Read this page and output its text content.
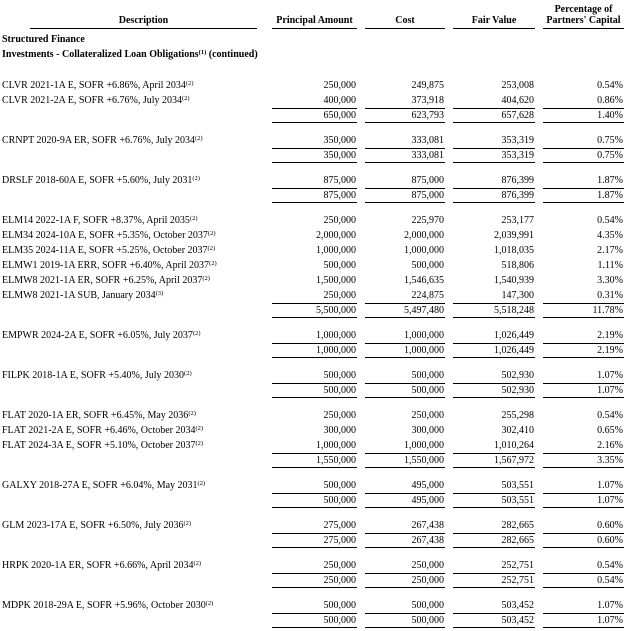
Description	Principal Amount	Cost	Fair Value	Percentage of
Partners' Capital

Structured Finance				
Investments - Collateralized Loan Obligations$^{(1)}$ (continued)				

CLVR 2021-1A E, SOFR +6.86%, April 2034$^{(2)}$	250,000	249,875	253,008	0.54%

CLVR 2021-2A E, SOFR +6.76%, July 2034$^{(2)}$	400,000	373,918	404,620	0.86%

	650,000	623,793	657,628	1.40%

CRNPT 2020-9A ER, SOFR +6.76%, July 2034$^{(2)}$	350,000	333,081	353,319	0.75%

	350,000	333,081	353,319	0.75%

DRSLF 2018-60A E, SOFR +5.60%, July 2031$^{(2)}$	875,000	875,000	876,399	1.87%

	875,000	875,000	876,399	1.87%

ELM14 2022-1A F, SOFR +8.37%, April 2035$^{(2)}$	250,000	225,970	253,177	0.54%

ELM34 2024-10A E, SOFR +5.35%, October 2037$^{(2)}$	2,000,000	2,000,000	2,039,991	4.35%

ELM35 2024-11A E, SOFR +5.25%, October 2037$^{(2)}$	1,000,000	1,000,000	1,018,035	2.17%

ELMW1 2019-1A ERR, SOFR +6.40%, April 2037$^{(2)}$	500,000	500,000	518,806	1.11%

ELMW8 2021-1A ER, SOFR +6.25%, April 2037$^{(2)}$	1,500,000	1,546,635	1,540,939	3.30%

ELMW8 2021-1A SUB, January 2034$^{(3)}$	250,000	224,875	147,300	0.31%

	5,500,000	5,497,480	5,518,248	11.78%

EMPWR 2024-2A E, SOFR +6.05%, July 2037$^{(2)}$	1,000,000	1,000,000	1,026,449	2.19%

	1,000,000	1,000,000	1,026,449	2.19%

FILPK 2018-1A E, SOFR +5.40%, July 2030$^{(2)}$	500,000	500,000	502,930	1.07%

	500,000	500,000	502,930	1.07%

FLAT 2020-1A ER, SOFR +6.45%, May 2036$^{(2)}$	250,000	250,000	255,298	0.54%

FLAT 2021-2A E, SOFR +6.46%, October 2034$^{(2)}$	300,000	300,000	302,410	0.65%

FLAT 2024-3A E, SOFR +5.10%, October 2037$^{(2)}$	1,000,000	1,000,000	1,010,264	2.16%

	1,550,000	1,550,000	1,567,972	3.35%

GALXY 2018-27A E, SOFR +6.04%, May 2031$^{(2)}$	500,000	495,000	503,551	1.07%

	500,000	495,000	503,551	1.07%

GLM 2023-17A E, SOFR +6.50%, July 2036$^{(2)}$	275,000	267,438	282,665	0.60%

	275,000	267,438	282,665	0.60%

HRPK 2020-1A ER, SOFR +6.66%, April 2034$^{(2)}$	250,000	250,000	252,751	0.54%

	250,000	250,000	252,751	0.54%

MDPK 2018-29A E, SOFR +5.96%, October 2030$^{(2)}$	500,000	500,000	503,452	1.07%

	500,000	500,000	503,452	1.07%
